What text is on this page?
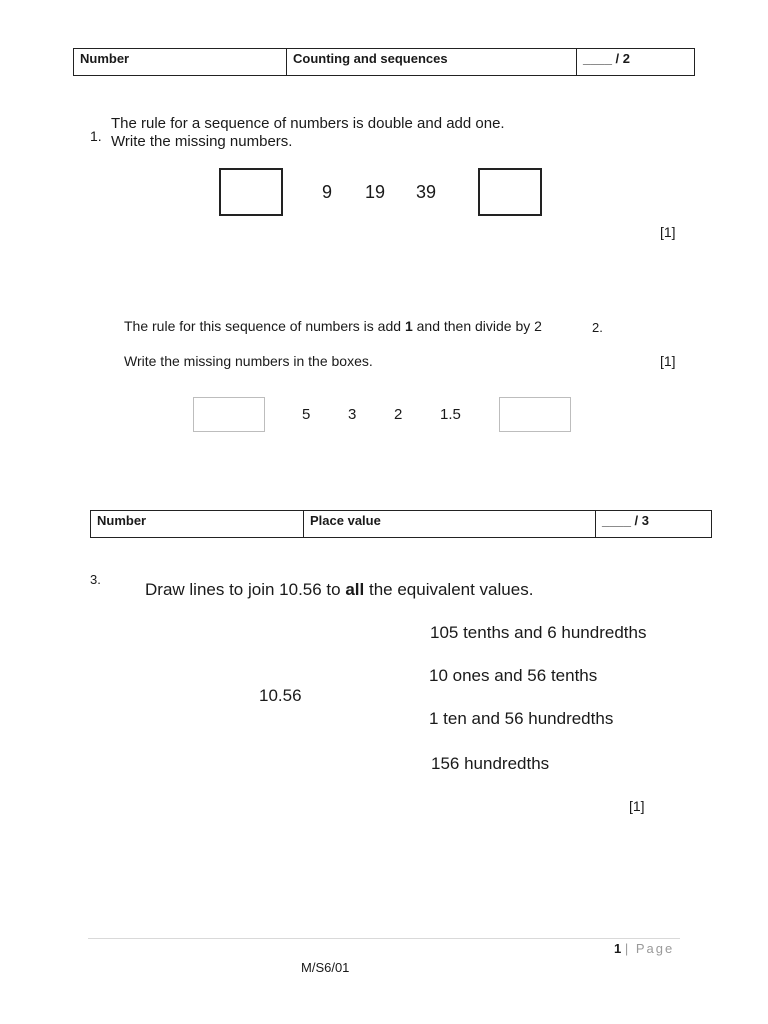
Number	Counting and sequences	____ / 2
1.
The rule for a sequence of numbers is double and add one.
Write the missing numbers.
9 19 39
[1]
The rule for this sequence of numbers is add 1 and then divide by 2	2.
Write the missing numbers in the boxes.	[1]
5	3	2	1.5
Number	Place value	____ / 3
3.
Draw lines to join 10.56 to all the equivalent values.
10.56
105 tenths and 6 hundredths
10 ones and 56 tenths
1 ten and 56 hundredths
156 hundredths
[1]
1 | Page
M/S6/01
